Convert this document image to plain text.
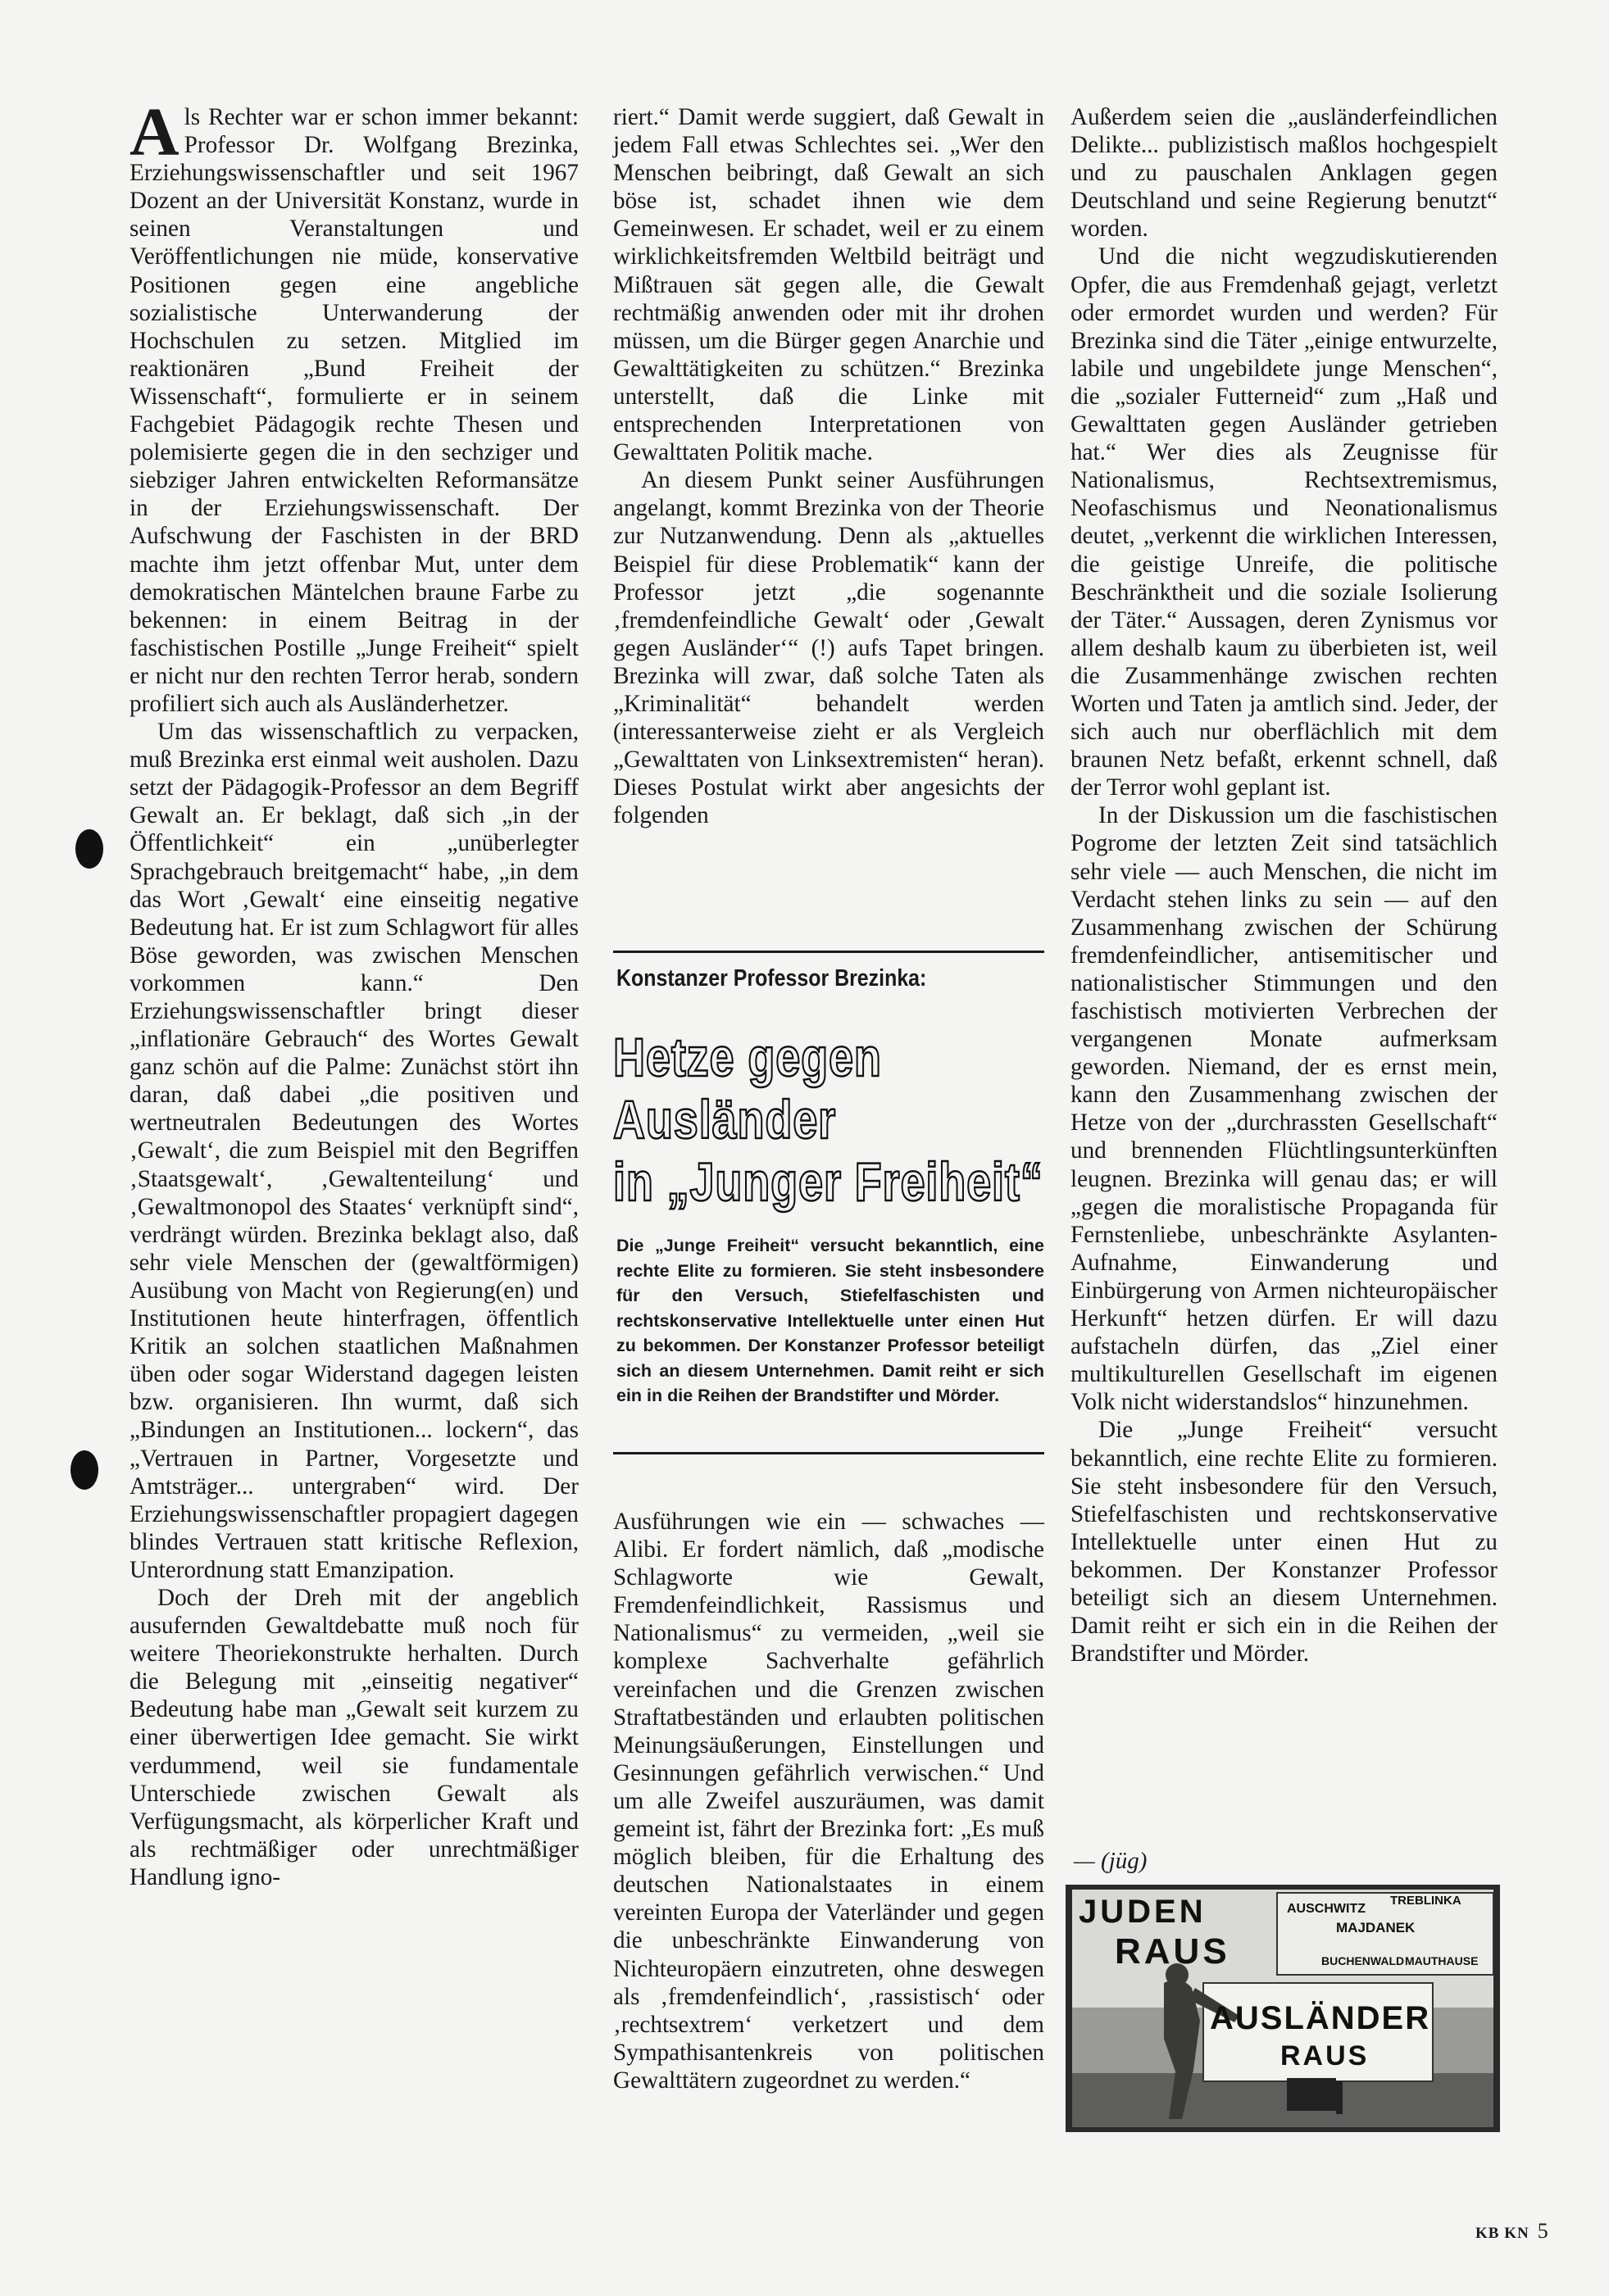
Als Rechter war er schon immer bekannt: Professor Dr. Wolfgang Brezinka, Erziehungswissenschaftler und seit 1967 Dozent an der Universität Konstanz, wurde in seinen Veranstaltungen und Veröffentlichungen nie müde, konservative Positionen gegen eine angebliche sozialistische Unterwanderung der Hochschulen zu setzen. Mitglied im reaktionären „Bund Freiheit der Wissenschaft“, formulierte er in seinem Fachgebiet Pädagogik rechte Thesen und polemisierte gegen die in den sechziger und siebziger Jahren entwickelten Reformansätze in der Erziehungswissenschaft. Der Aufschwung der Faschisten in der BRD machte ihm jetzt offenbar Mut, unter dem demokratischen Mäntelchen braune Farbe zu bekennen: in einem Beitrag in der faschistischen Postille „Junge Freiheit“ spielt er nicht nur den rechten Terror herab, sondern profiliert sich auch als Ausländerhetzer.

Um das wissenschaftlich zu verpacken, muß Brezinka erst einmal weit ausholen. Dazu setzt der Pädagogik-Professor an dem Begriff Gewalt an. Er beklagt, daß sich „in der Öffentlichkeit“ ein „unüberlegter Sprachgebrauch breitgemacht“ habe, „in dem das Wort ‚Gewalt‘ eine einseitig negative Bedeutung hat. Er ist zum Schlagwort für alles Böse geworden, was zwischen Menschen vorkommen kann.“ Den Erziehungswissenschaftler bringt dieser „inflationäre Gebrauch“ des Wortes Gewalt ganz schön auf die Palme: Zunächst stört ihn daran, daß dabei „die positiven und wertneutralen Bedeutungen des Wortes ‚Gewalt‘, die zum Beispiel mit den Begriffen ‚Staatsgewalt‘, ‚Gewaltenteilung‘ und ‚Gewaltmonopol des Staates‘ verknüpft sind“, verdrängt würden. Brezinka beklagt also, daß sehr viele Menschen der (gewaltförmigen) Ausübung von Macht von Regierung(en) und Institutionen heute hinterfragen, öffentlich Kritik an solchen staatlichen Maßnahmen üben oder sogar Widerstand dagegen leisten bzw. organisieren. Ihn wurmt, daß sich „Bindungen an Institutionen... lockern“, das „Vertrauen in Partner, Vorgesetzte und Amtsträger... untergraben“ wird. Der Erziehungswissenschaftler propagiert dagegen blindes Vertrauen statt kritische Reflexion, Unterordnung statt Emanzipation.

Doch der Dreh mit der angeblich ausufernden Gewaltdebatte muß noch für weitere Theoriekonstrukte herhalten. Durch die Belegung mit „einseitig negativer“ Bedeutung habe man „Gewalt seit kurzem zu einer überwertigen Idee gemacht. Sie wirkt verdummend, weil sie fundamentale Unterschiede zwischen Gewalt als Verfügungsmacht, als körperlicher Kraft und als rechtmäßiger oder unrechtmäßiger Handlung igno-

riert.“ Damit werde suggiert, daß Gewalt in jedem Fall etwas Schlechtes sei. „Wer den Menschen beibringt, daß Gewalt an sich böse ist, schadet ihnen wie dem Gemeinwesen. Er schadet, weil er zu einem wirklichkeitsfremden Weltbild beiträgt und Mißtrauen sät gegen alle, die Gewalt rechtmäßig anwenden oder mit ihr drohen müssen, um die Bürger gegen Anarchie und Gewalttätigkeiten zu schützen.“ Brezinka unterstellt, daß die Linke mit entsprechenden Interpretationen von Gewalttaten Politik mache.

An diesem Punkt seiner Ausführungen angelangt, kommt Brezinka von der Theorie zur Nutzanwendung. Denn als „aktuelles Beispiel für diese Problematik“ kann der Professor jetzt „die sogenannte ‚fremdenfeindliche Gewalt‘ oder ‚Gewalt gegen Ausländer‘“ (!) aufs Tapet bringen. Brezinka will zwar, daß solche Taten als „Kriminalität“ behandelt werden (interessanterweise zieht er als Vergleich „Gewalttaten von Linksextremisten“ heran). Dieses Postulat wirkt aber angesichts der folgenden

Konstanzer Professor Brezinka:
Hetze gegen
Ausländer
in „Junger Freiheit“
Die „Junge Freiheit“ versucht bekanntlich, eine rechte Elite zu formieren. Sie steht insbesondere für den Versuch, Stiefelfaschisten und rechtskonservative Intellektuelle unter einen Hut zu bekommen. Der Konstanzer Professor beteiligt sich an diesem Unternehmen. Damit reiht er sich ein in die Reihen der Brandstifter und Mörder.

Ausführungen wie ein — schwaches — Alibi. Er fordert nämlich, daß „modische Schlagworte wie Gewalt, Fremdenfeindlichkeit, Rassismus und Nationalismus“ zu vermeiden, „weil sie komplexe Sachverhalte gefährlich vereinfachen und die Grenzen zwischen Straftatbeständen und erlaubten politischen Meinungsäußerungen, Einstellungen und Gesinnungen gefährlich verwischen.“ Und um alle Zweifel auszuräumen, was damit gemeint ist, fährt der Brezinka fort: „Es muß möglich bleiben, für die Erhaltung des deutschen Nationalstaates in einem vereinten Europa der Vaterländer und gegen die unbeschränkte Einwanderung von Nichteuropäern einzutreten, ohne deswegen als ‚fremdenfeindlich‘, ‚rassistisch‘ oder ‚rechtsextrem‘ verketzert und dem Sympathisantenkreis von politischen Gewalttätern zugeordnet zu werden.“

Außerdem seien die „ausländerfeindlichen Delikte... publizistisch maßlos hochgespielt und zu pauschalen Anklagen gegen Deutschland und seine Regierung benutzt“ worden.

Und die nicht wegzudiskutierenden Opfer, die aus Fremdenhaß gejagt, verletzt oder ermordet wurden und werden? Für Brezinka sind die Täter „einige entwurzelte, labile und ungebildete junge Menschen“, die „sozialer Futterneid“ zum „Haß und Gewalttaten gegen Ausländer getrieben hat.“ Wer dies als Zeugnisse für Nationalismus, Rechtsextremismus, Neofaschismus und Neonationalismus deutet, „verkennt die wirklichen Interessen, die geistige Unreife, die politische Beschränktheit und die soziale Isolierung der Täter.“ Aussagen, deren Zynismus vor allem deshalb kaum zu überbieten ist, weil die Zusammenhänge zwischen rechten Worten und Taten ja amtlich sind. Jeder, der sich auch nur oberflächlich mit dem braunen Netz befaßt, erkennt schnell, daß der Terror wohl geplant ist.

In der Diskussion um die faschistischen Pogrome der letzten Zeit sind tatsächlich sehr viele — auch Menschen, die nicht im Verdacht stehen links zu sein — auf den Zusammenhang zwischen der Schürung fremdenfeindlicher, antisemitischer und nationalistischer Stimmungen und den faschistisch motivierten Verbrechen der vergangenen Monate aufmerksam geworden. Niemand, der es ernst mein, kann den Zusammenhang zwischen der Hetze von der „durchrassten Gesellschaft“ und brennenden Flüchtlingsunterkünften leugnen. Brezinka will genau das; er will „gegen die moralistische Propaganda für Fernstenliebe, unbeschränkte Asylanten-Aufnahme, Einwanderung und Einbürgerung von Armen nichteuropäischer Herkunft“ hetzen dürfen. Er will dazu aufstacheln dürfen, das „Ziel einer multikulturellen Gesellschaft im eigenen Volk nicht widerstandslos“ hinzunehmen.

Die „Junge Freiheit“ versucht bekanntlich, eine rechte Elite zu formieren. Sie steht insbesondere für den Versuch, Stiefelfaschisten und rechtskonservative Intellektuelle unter einen Hut zu bekommen. Der Konstanzer Professor beteiligt sich an diesem Unternehmen. Damit reiht er sich ein in die Reihen der Brandstifter und Mörder.

— (jüg)
JUDEN
RAUS
AUSCHWITZ
TREBLINKA
MAJDANEK
BUCHENWALD MAUTHAUSE
AUSLÄNDER
RAUS
KB KN 5
